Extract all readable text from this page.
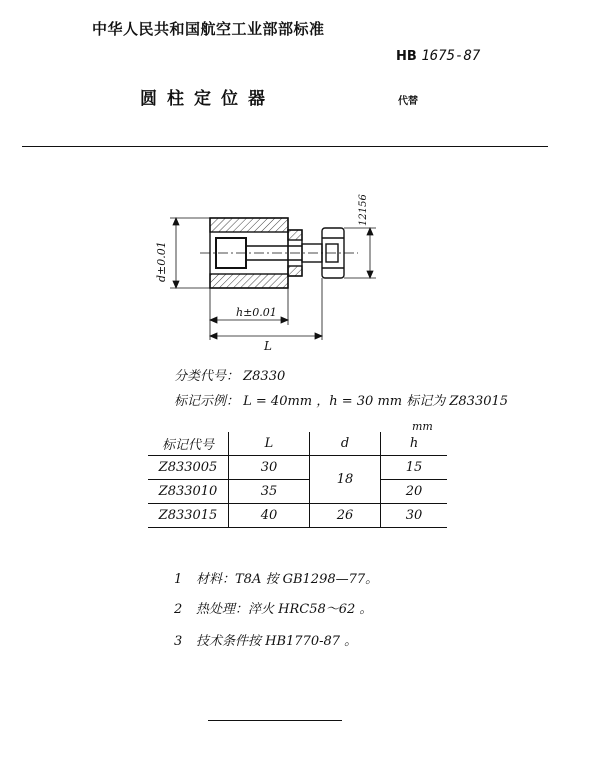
中华人民共和国航空工业部部标准
HB 1675-87
圆柱定位器	代替
d±0.01
12156
h±0.01
L
分类代号： Z8330
标记示例： L = 40mm ，h = 30 mm 标记为 Z833015
mm
标记代号	L	d	h
Z833005	30	18	15
Z833010	35		20
Z833015	40	26	30
1 材料：T8A 按 GB1298—77。
2 热处理：淬火 HRC58～62 。
3 技术条件按 HB1770-87 。
